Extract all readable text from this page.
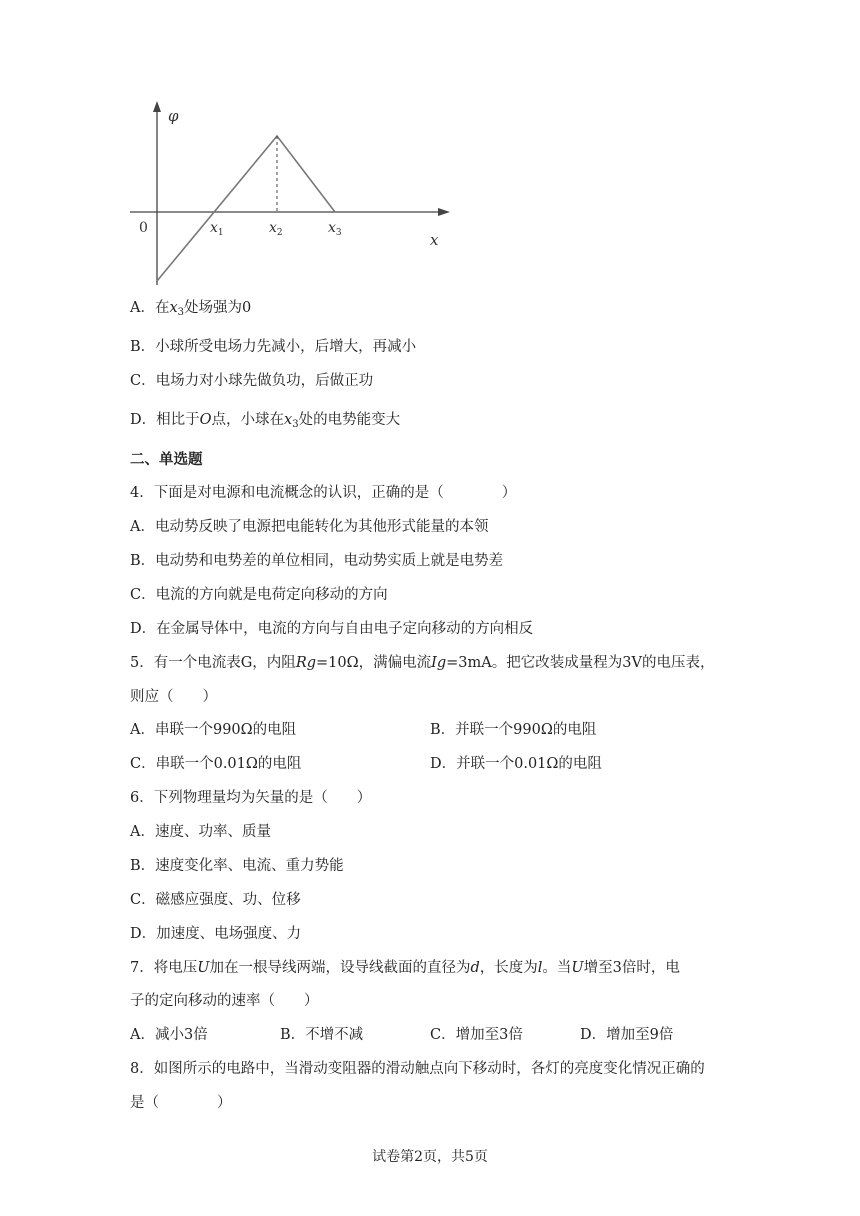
φ
0
x
$x_1$	$x_2$	$x_3$
A．在$x_3$处场强为0
B．小球所受电场力先减小，后增大，再减小
C．电场力对小球先做负功，后做正功
D．相比于O点，小球在$x_3$处的电势能变大
二、单选题
4．下面是对电源和电流概念的认识，正确的是（　　　　）
A．电动势反映了电源把电能转化为其他形式能量的本领
B．电动势和电势差的单位相同，电动势实质上就是电势差
C．电流的方向就是电荷定向移动的方向
D．在金属导体中，电流的方向与自由电子定向移动的方向相反
5．有一个电流表G，内阻Rg=10Ω，满偏电流Ig=3mA。把它改装成量程为3V的电压表，
则应（　　）
A．串联一个990Ω的电阻	B．并联一个990Ω的电阻
C．串联一个0.01Ω的电阻	D．并联一个0.01Ω的电阻
6．下列物理量均为矢量的是（　　）
A．速度、功率、质量
B．速度变化率、电流、重力势能
C．磁感应强度、功、位移
D．加速度、电场强度、力
7．将电压U加在一根导线两端，设导线截面的直径为d，长度为l。当U增至3倍时，电
子的定向移动的速率（　　）
A．减小3倍	B．不增不减	C．增加至3倍	D．增加至9倍
8．如图所示的电路中，当滑动变阻器的滑动触点向下移动时，各灯的亮度变化情况正确的
是（　　　　）
试卷第2页，共5页
